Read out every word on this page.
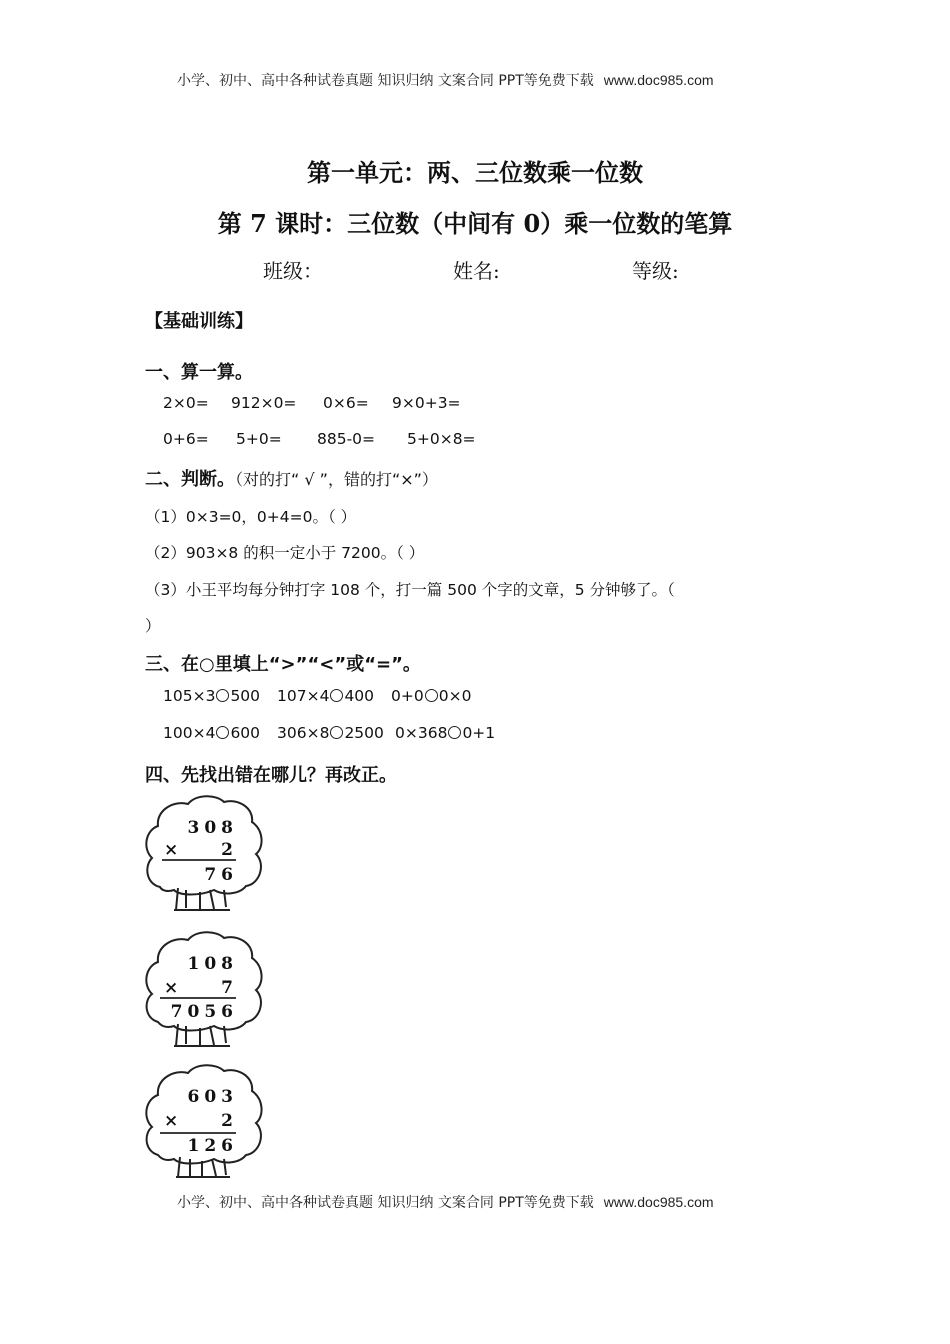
小学、初中、高中各种试卷真题 知识归纳 文案合同 PPT等免费下载 www.doc985.com
第一单元：两、三位数乘一位数
第 7 课时：三位数（中间有 0）乘一位数的笔算
班级：	姓名:	等级:
【基础训练】
一、算一算。
2×0= 912×0= 0×6= 9×0+3=
0+6= 5+0= 885-0= 5+0×8=
二、判断。（对的打“ √ ”，错的打“×”）
（1）0×3=0，0+4=0。（ ）
（2）903×8 的积一定小于 7200。（ ）
（3）小王平均每分钟打字 108 个，打一篇 500 个字的文章，5 分钟够了。（
）
三、在○里填上“>”“<”或“=”。
105×3 500 107×4 400 0+0 0×0
100×4 600 306×8 2500 0×368 0+1
四、先找出错在哪儿？再改正。
308
×	2
76
108
×	7
7056
603
×	2
126
小学、初中、高中各种试卷真题 知识归纳 文案合同 PPT等免费下载 www.doc985.com
